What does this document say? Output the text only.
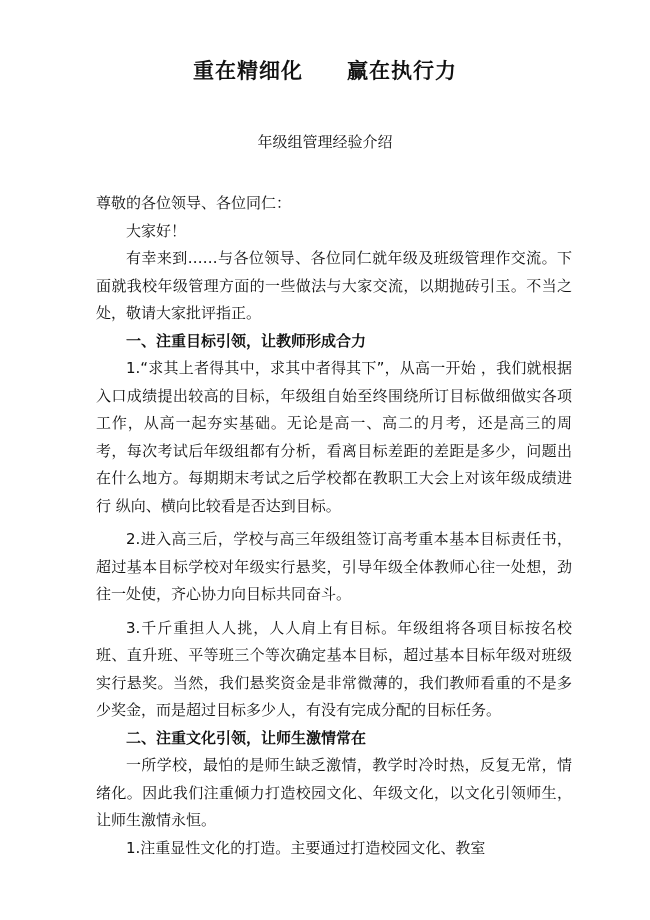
重在精细化 赢在执行力
年级组管理经验介绍

尊敬的各位领导、各位同仁：

大家好！

有幸来到……与各位领导、各位同仁就年级及班级管理作交流。下面就我校年级管理方面的一些做法与大家交流，以期抛砖引玉。不当之处，敬请大家批评指正。

一、注重目标引领，让教师形成合力

1.“求其上者得其中，求其中者得其下”，从高一开始 ，我们就根据入口成绩提出较高的目标，年级组自始至终围绕所订目标做细做实各项工作，从高一起夯实基础。无论是高一、高二的月考，还是高三的周考，每次考试后年级组都有分析，看离目标差距的差距是多少，问题出在什么地方。每期期末考试之后学校都在教职工大会上对该年级成绩进行 纵向、横向比较看是否达到目标。

2.进入高三后，学校与高三年级组签订高考重本基本目标责任书，超过基本目标学校对年级实行悬奖，引导年级全体教师心往一处想，劲往一处使，齐心协力向目标共同奋斗。

3.千斤重担人人挑，人人肩上有目标。年级组将各项目标按名校班、直升班、平等班三个等次确定基本目标，超过基本目标年级对班级实行悬奖。当然，我们悬奖资金是非常微薄的，我们教师看重的不是多少奖金，而是超过目标多少人，有没有完成分配的目标任务。

二、注重文化引领，让师生激情常在

一所学校，最怕的是师生缺乏激情，教学时冷时热，反复无常，情绪化。因此我们注重倾力打造校园文化、年级文化，以文化引领师生，让师生激情永恒。

1.注重显性文化的打造。主要通过打造校园文化、教室
